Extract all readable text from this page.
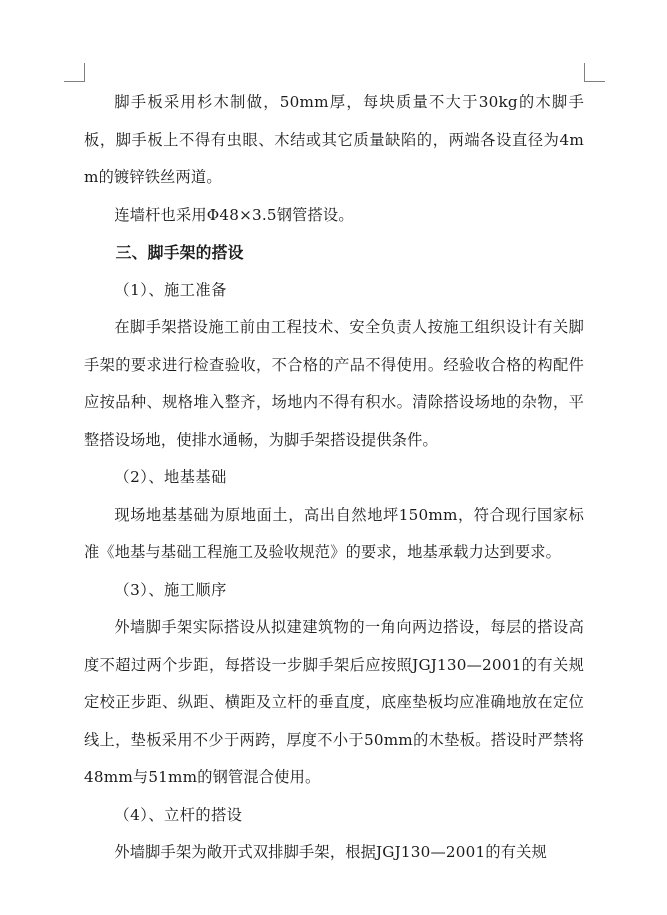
脚手板采用杉木制做，50mm厚，每块质量不大于30kg的木脚手板，脚手板上不得有虫眼、木结或其它质量缺陷的，两端各设直径为4mm的镀锌铁丝两道。

连墙杆也采用Φ48×3.5钢管搭设。

三、脚手架的搭设

（1）、施工准备

在脚手架搭设施工前由工程技术、安全负责人按施工组织设计有关脚手架的要求进行检查验收，不合格的产品不得使用。经验收合格的构配件应按品种、规格堆入整齐，场地内不得有积水。清除搭设场地的杂物，平整搭设场地，使排水通畅，为脚手架搭设提供条件。

（2）、地基基础

现场地基基础为原地面土，高出自然地坪150mm，符合现行国家标准《地基与基础工程施工及验收规范》的要求，地基承载力达到要求。

（3）、施工顺序

外墙脚手架实际搭设从拟建建筑物的一角向两边搭设，每层的搭设高度不超过两个步距，每搭设一步脚手架后应按照JGJ130—2001的有关规定校正步距、纵距、横距及立杆的垂直度，底座垫板均应准确地放在定位线上，垫板采用不少于两跨，厚度不小于50mm的木垫板。搭设时严禁将48mm与51mm的钢管混合使用。

（4）、立杆的搭设

外墙脚手架为敞开式双排脚手架，根据JGJ130—2001的有关规
